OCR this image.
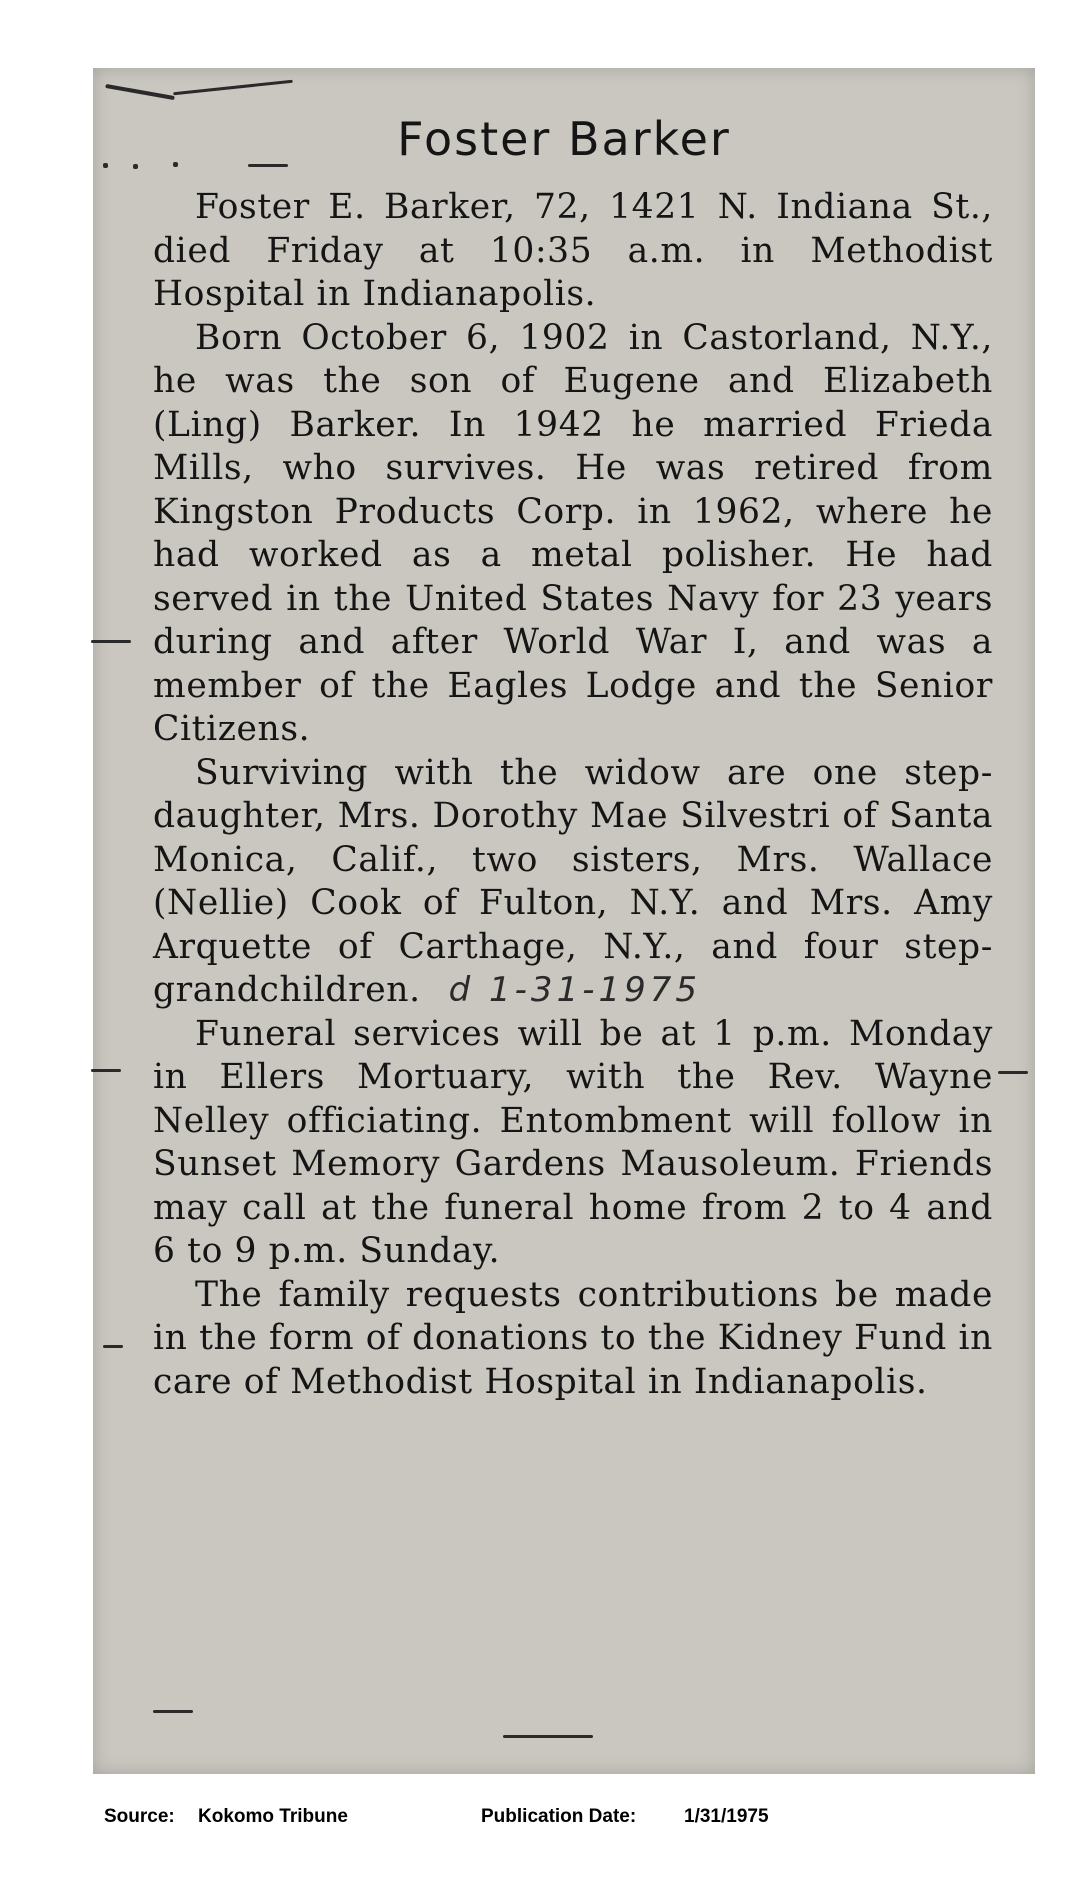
Foster Barker

Foster E. Barker, 72, 1421 N. Indiana St., died Friday at 10:35 a.m. in Methodist Hospital in Indianapolis.

Born October 6, 1902 in Castorland, N.Y., he was the son of Eugene and Elizabeth (Ling) Barker. In 1942 he married Frieda Mills, who survives. He was retired from Kingston Products Corp. in 1962, where he had worked as a metal polisher. He had served in the United States Navy for 23 years during and after World War I, and was a member of the Eagles Lodge and the Senior Citizens.

Surviving with the widow are one step-daughter, Mrs. Dorothy Mae Silvestri of Santa Monica, Calif., two sisters, Mrs. Wallace (Nellie) Cook of Fulton, N.Y. and Mrs. Amy Arquette of Carthage, N.Y., and four step-grandchildren. d 1-31-1975

Funeral services will be at 1 p.m. Monday in Ellers Mortuary, with the Rev. Wayne Nelley officiating. Entombment will follow in Sunset Memory Gardens Mausoleum. Friends may call at the funeral home from 2 to 4 and 6 to 9 p.m. Sunday.

The family requests contributions be made in the form of donations to the Kidney Fund in care of Methodist Hospital in Indianapolis.

Source: Kokomo Tribune	Publication Date:	1/31/1975
